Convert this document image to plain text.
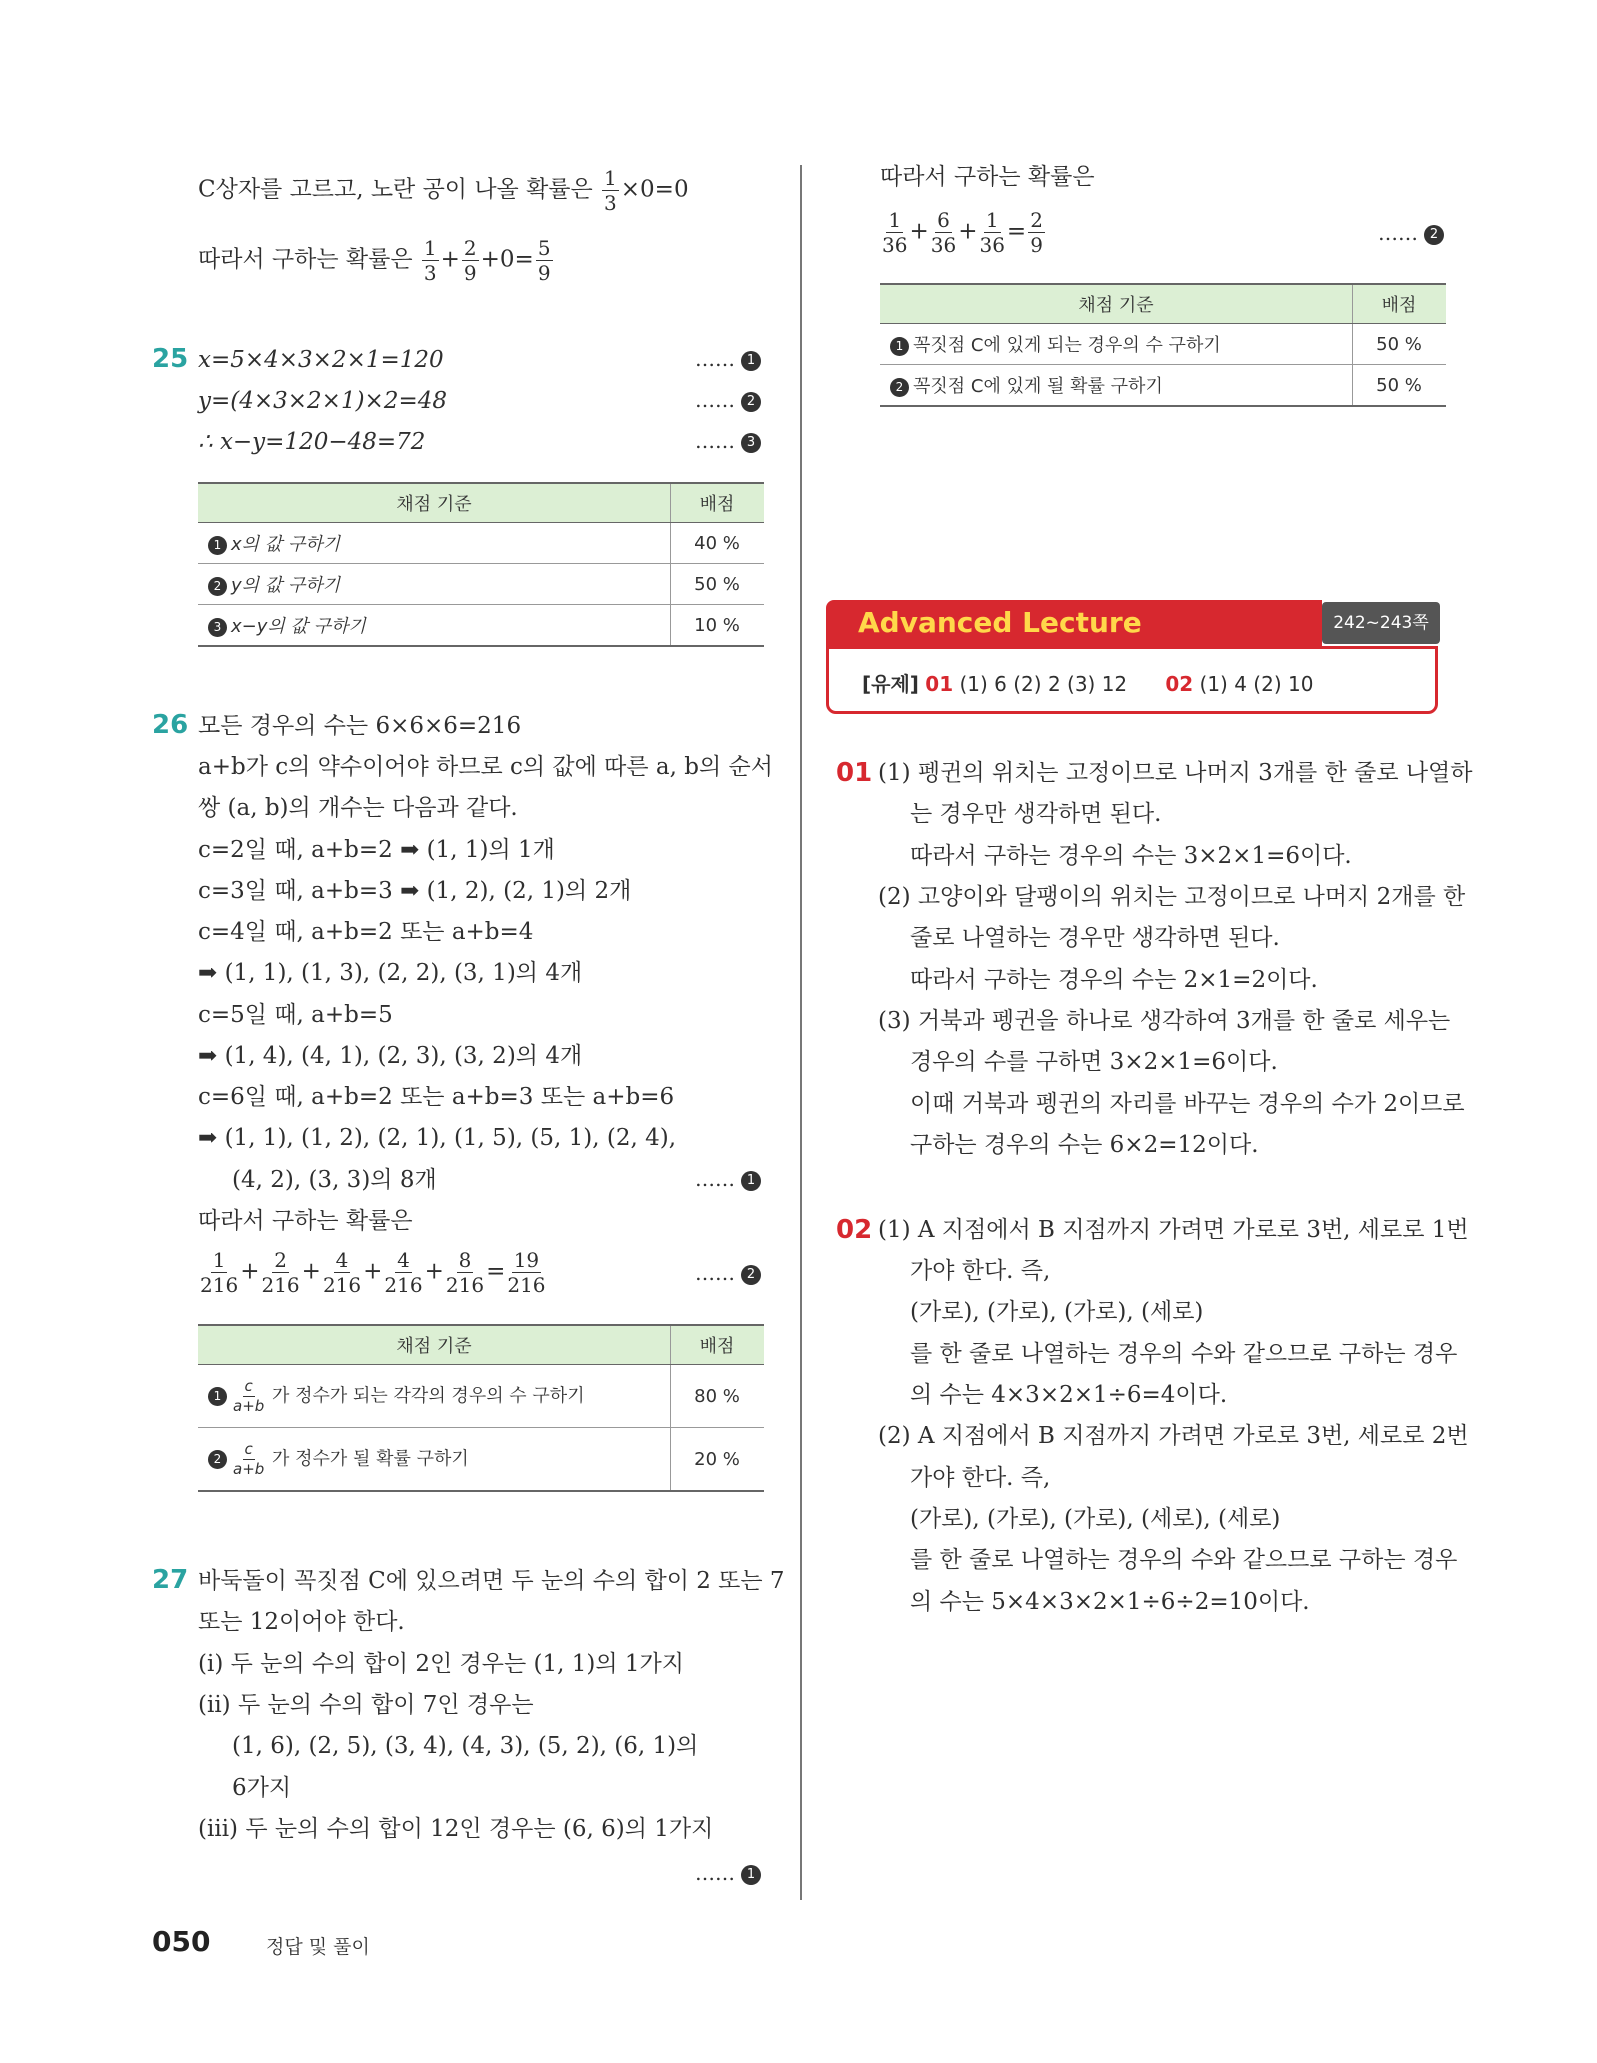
C상자를 고르고, 노란 공이 나올 확률은 $\frac{1}{3} \times 0=0$
따라서 구하는 확률은 $\frac{1}{3} + \frac{2}{9} +0= \frac{5}{9}$
25 x=5×4×3×2×1=120
y=(4×3×2×1)×2=48
∴ x−y=120−48=72
…… 1
…… 2
…… 3
채점 기준	배점
1 x의 값 구하기	40 %
2 y의 값 구하기	50 %
3 x−y의 값 구하기	10 %
26 모든 경우의 수는 6×6×6=216
a+b가 c의 약수이어야 하므로 c의 값에 따른 a, b의 순서
쌍 (a, b)의 개수는 다음과 같다.
c=2일 때, a+b=2 ➡ (1, 1)의 1개
c=3일 때, a+b=3 ➡ (1, 2), (2, 1)의 2개
c=4일 때, a+b=2 또는 a+b=4
➡ (1, 1), (1, 3), (2, 2), (3, 1)의 4개
c=5일 때, a+b=5
➡ (1, 4), (4, 1), (2, 3), (3, 2)의 4개
c=6일 때, a+b=2 또는 a+b=3 또는 a+b=6
➡ (1, 1), (1, 2), (2, 1), (1, 5), (5, 1), (2, 4),
(4, 2), (3, 3)의 8개	…… 1
따라서 구하는 확률은
$\frac{1}{216} + \frac{2}{216} + \frac{4}{216} + \frac{4}{216} + \frac{8}{216} = \frac{19}{216}$	…… 2
채점 기준	배점
$1 \frac{c}{a+b}$ 가 정수가 되는 각각의 경우의 수 구하기	80 %
$2 \frac{c}{a+b}$ 가 정수가 될 확률 구하기	20 %
27 바둑돌이 꼭짓점 C에 있으려면 두 눈의 수의 합이 2 또는 7
또는 12이어야 한다.
(ⅰ) 두 눈의 수의 합이 2인 경우는 (1, 1)의 1가지
(ⅱ) 두 눈의 수의 합이 7인 경우는
(1, 6), (2, 5), (3, 4), (4, 3), (5, 2), (6, 1)의
6가지
(ⅲ) 두 눈의 수의 합이 12인 경우는 (6, 6)의 1가지
…… 1
따라서 구하는 확률은
$\frac{1}{36} + \frac{6}{36} + \frac{1}{36} = \frac{2}{9}$	…… 2
채점 기준	배점
1 꼭짓점 C에 있게 되는 경우의 수 구하기	50 %
2 꼭짓점 C에 있게 될 확률 구하기	50 %
Advanced Lecture	242~243쪽
[유제] 01 (1) 6 (2) 2 (3) 12 02 (1) 4 (2) 10
01 (1) 펭귄의 위치는 고정이므로 나머지 3개를 한 줄로 나열하
는 경우만 생각하면 된다.
따라서 구하는 경우의 수는 3×2×1=6이다.
(2) 고양이와 달팽이의 위치는 고정이므로 나머지 2개를 한
줄로 나열하는 경우만 생각하면 된다.
따라서 구하는 경우의 수는 2×1=2이다.
(3) 거북과 펭귄을 하나로 생각하여 3개를 한 줄로 세우는
경우의 수를 구하면 3×2×1=6이다.
이때 거북과 펭귄의 자리를 바꾸는 경우의 수가 2이므로
구하는 경우의 수는 6×2=12이다.
02 (1) A 지점에서 B 지점까지 가려면 가로로 3번, 세로로 1번
가야 한다. 즉,
(가로), (가로), (가로), (세로)
를 한 줄로 나열하는 경우의 수와 같으므로 구하는 경우
의 수는 4×3×2×1÷6=4이다.
(2) A 지점에서 B 지점까지 가려면 가로로 3번, 세로로 2번
가야 한다. 즉,
(가로), (가로), (가로), (세로), (세로)
를 한 줄로 나열하는 경우의 수와 같으므로 구하는 경우
의 수는 5×4×3×2×1÷6÷2=10이다.
050	정답 및 풀이
